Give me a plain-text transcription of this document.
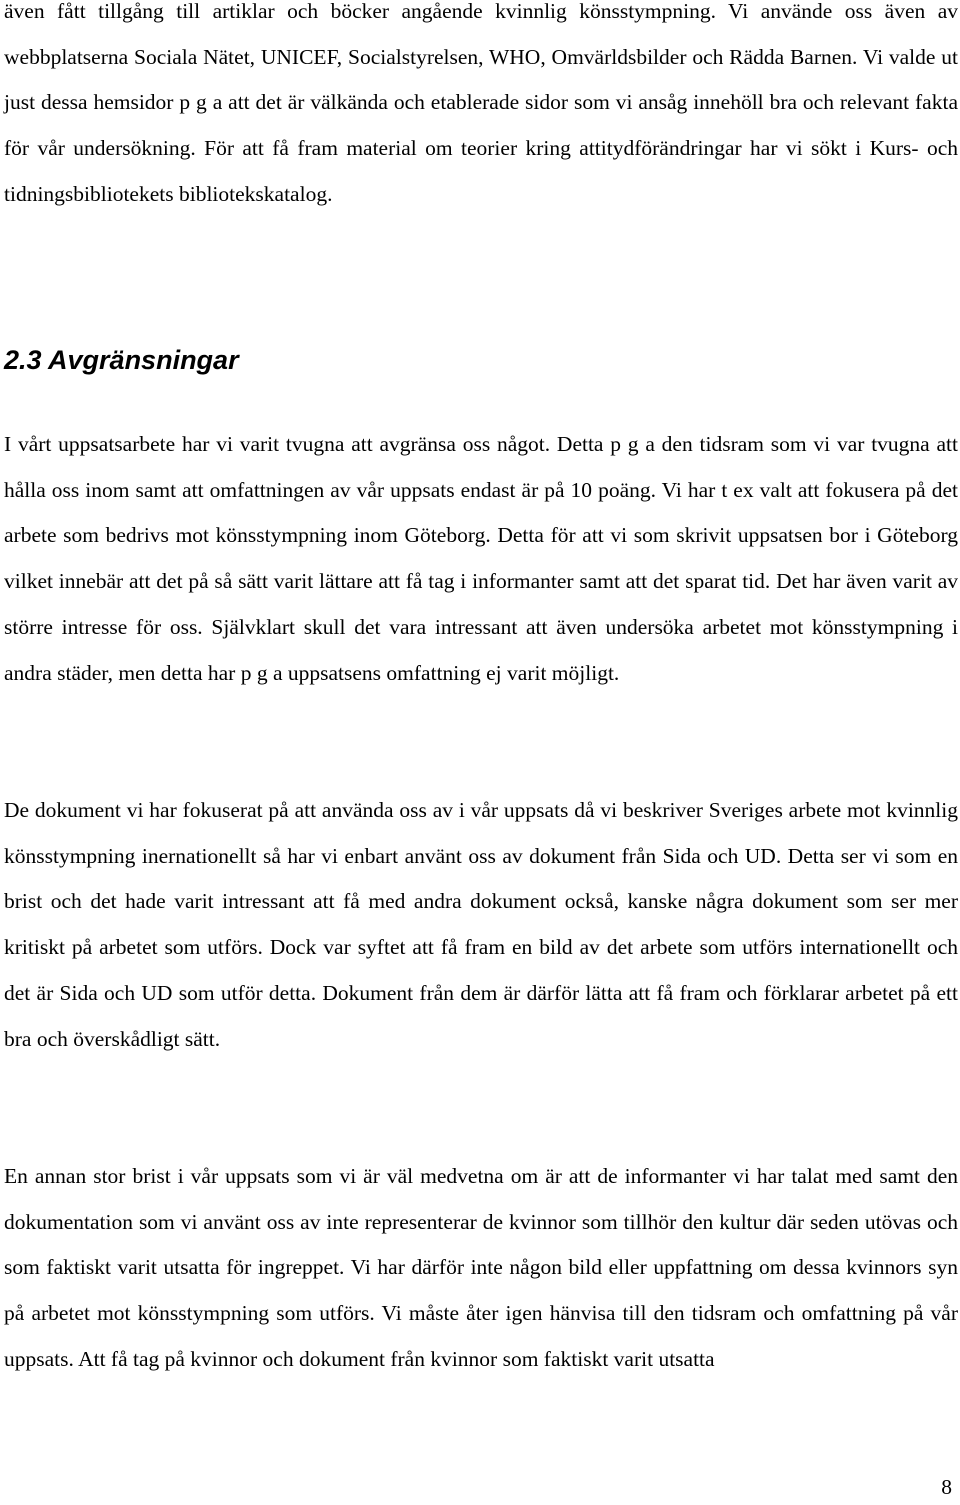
även fått tillgång till artiklar och böcker angående kvinnlig könsstympning. Vi använde oss även av webbplatserna Sociala Nätet, UNICEF, Socialstyrelsen, WHO, Omvärldsbilder och Rädda Barnen. Vi valde ut just dessa hemsidor p g a att det är välkända och etablerade sidor som vi ansåg innehöll bra och relevant fakta för vår undersökning. För att få fram material om teorier kring attitydförändringar har vi sökt i Kurs- och tidningsbibliotekets bibliotekskatalog.

2.3 Avgränsningar

I vårt uppsatsarbete har vi varit tvugna att avgränsa oss något. Detta p g a den tidsram som vi var tvugna att hålla oss inom samt att omfattningen av vår uppsats endast är på 10 poäng. Vi har t ex valt att fokusera på det arbete som bedrivs mot könsstympning inom Göteborg. Detta för att vi som skrivit uppsatsen bor i Göteborg vilket innebär att det på så sätt varit lättare att få tag i informanter samt att det sparat tid. Det har även varit av större intresse för oss. Självklart skull det vara intressant att även undersöka arbetet mot könsstympning i andra städer, men detta har p g a uppsatsens omfattning ej varit möjligt.

De dokument vi har fokuserat på att använda oss av i vår uppsats då vi beskriver Sveriges arbete mot kvinnlig könsstympning inernationellt så har vi enbart använt oss av dokument från Sida och UD. Detta ser vi som en brist och det hade varit intressant att få med andra dokument också, kanske några dokument som ser mer kritiskt på arbetet som utförs. Dock var syftet att få fram en bild av det arbete som utförs internationellt och det är Sida och UD som utför detta. Dokument från dem är därför lätta att få fram och förklarar arbetet på ett bra och överskådligt sätt.

En annan stor brist i vår uppsats som vi är väl medvetna om är att de informanter vi har talat med samt den dokumentation som vi använt oss av inte representerar de kvinnor som tillhör den kultur där seden utövas och som faktiskt varit utsatta för ingreppet. Vi har därför inte någon bild eller uppfattning om dessa kvinnors syn på arbetet mot könsstympning som utförs. Vi måste åter igen hänvisa till den tidsram och omfattning på vår uppsats. Att få tag på kvinnor och dokument från kvinnor som faktiskt varit utsatta

8
